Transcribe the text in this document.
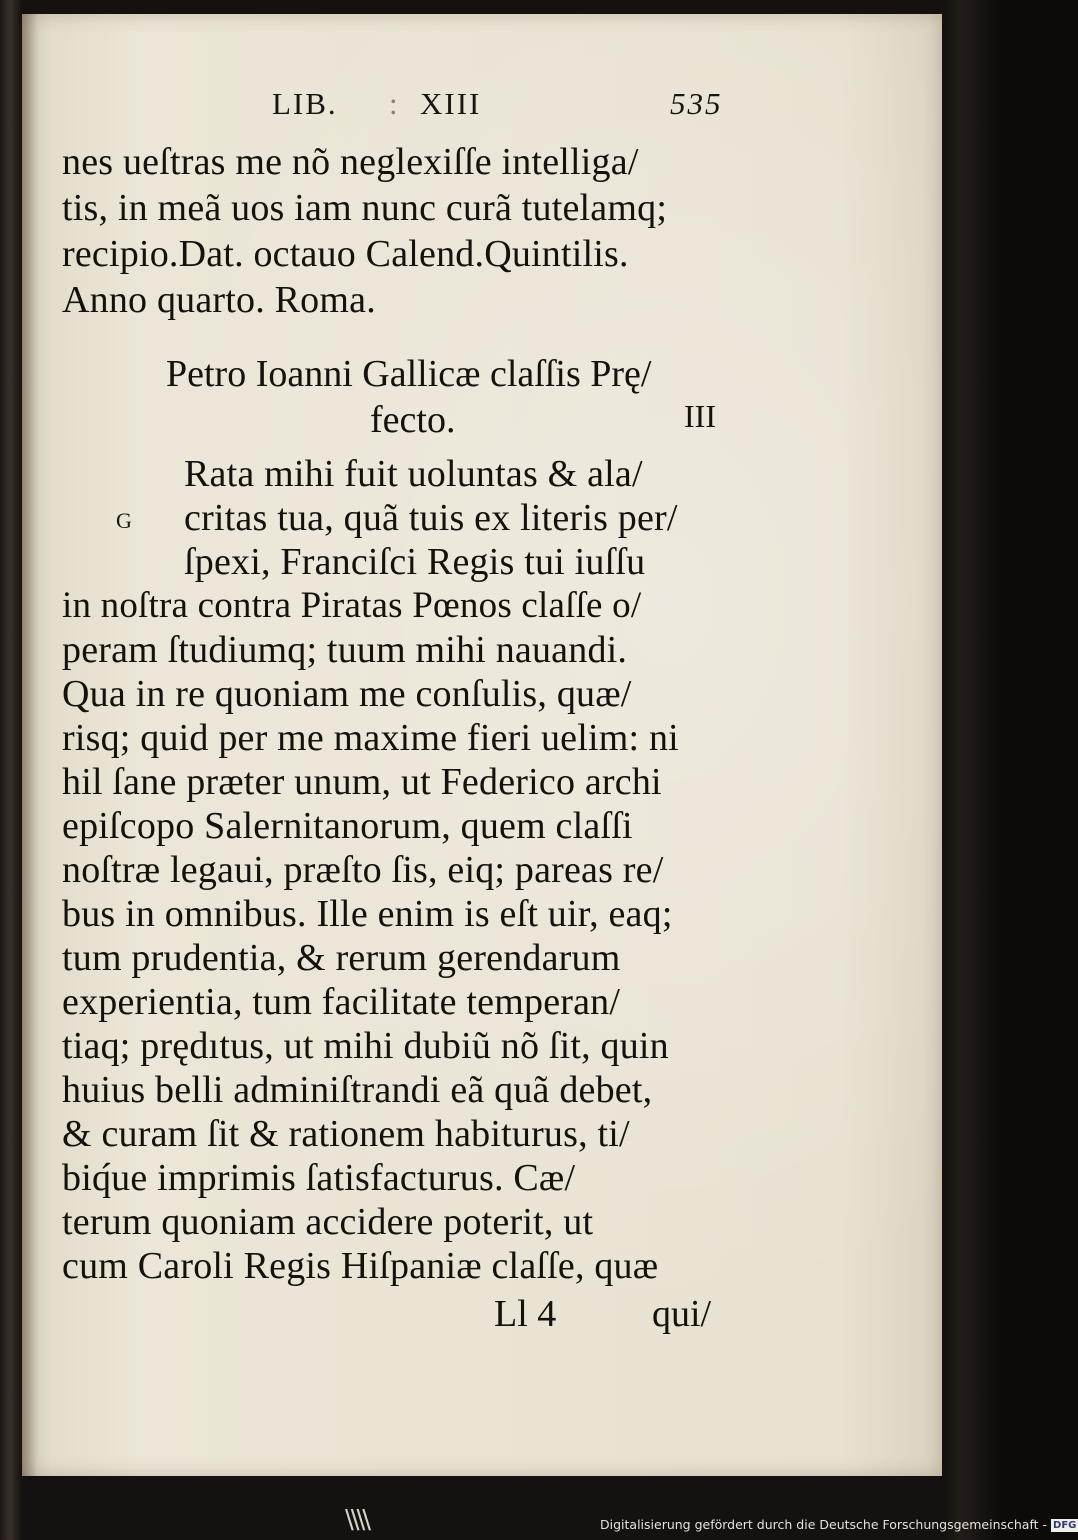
LIB. : XIII	535
nes ueſtras me nõ neglexiſſe intelliga/
tis, in meã uos iam nunc curã tutelamq;
recipio.Dat. octauo Calend.Quintilis.
Anno quarto. Roma.
Petro Ioanni Gallicæ claſſis Prę/
fecto.	III
G
Rata mihi fuit uoluntas & ala/
critas tua, quã tuis ex literis per/
ſpexi, Franciſci Regis tui iuſſu
in noſtra contra Piratas Pœnos claſſe o/
peram ſtudiumq; tuum mihi nauandi.
Qua in re quoniam me conſulis, quæ/
risq; quid per me maxime fieri uelim: ni
hil ſane præter unum, ut Federico archi
epiſcopo Salernitanorum, quem claſſi
noſtræ legaui, præſto ſis, eiq; pareas re/
bus in omnibus. Ille enim is eſt uir, eaq;
tum prudentia, & rerum gerendarum
experientia, tum facilitate temperan/
tiaq; prędıtus, ut mihi dubiũ nõ ſit, quin
huius belli adminiſtrandi eã quã debet,
& curam ſit & rationem habiturus, ti/
biq́ue imprimis ſatisfacturus. Cæ/
terum quoniam accidere poterit, ut
cum Caroli Regis Hiſpaniæ claſſe, quæ
Ll 4	qui/
\\\\	Digitalisierung gefördert durch die Deutsche Forschungsgemeinschaft - DFG
